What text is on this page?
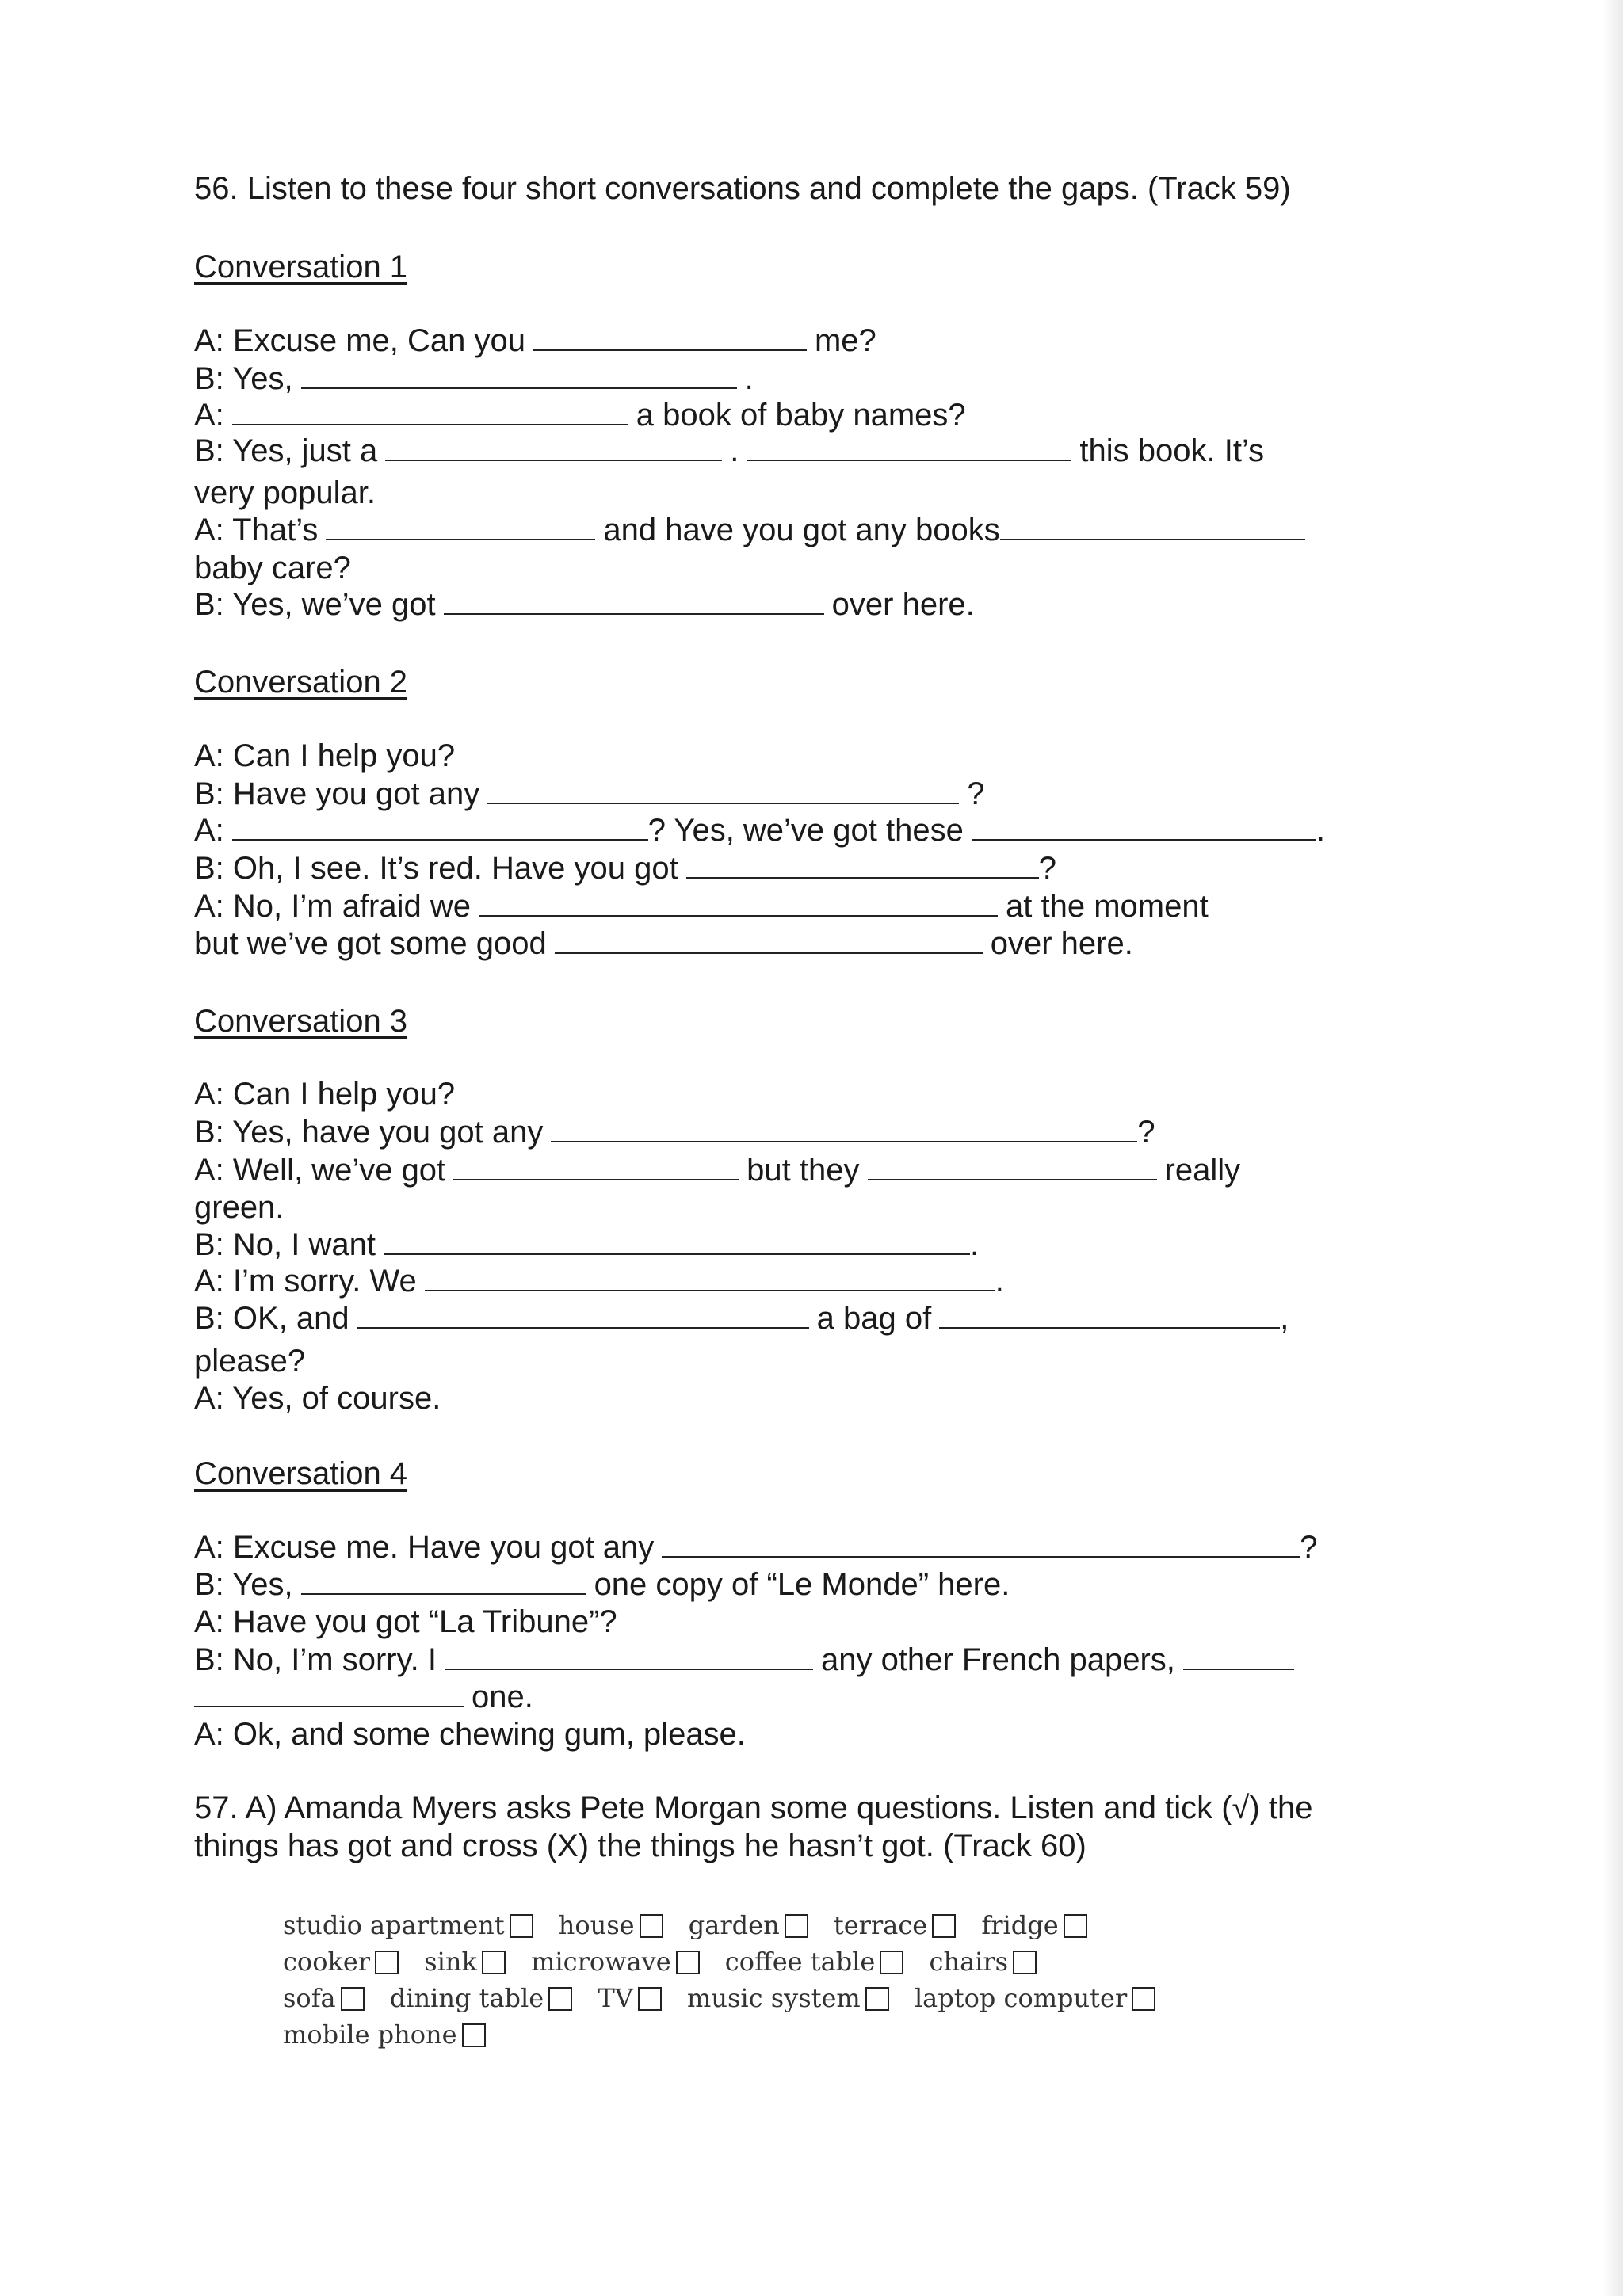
56. Listen to these four short conversations and complete the gaps. (Track 59)
Conversation 1
A: Excuse me, Can you	me?
B: Yes,	.
A:	a book of baby names?
B: Yes, just a	.	this book. It’s
very popular.
A: That’s	and have you got any books
baby care?
B: Yes, we’ve got	over here.
Conversation 2
A: Can I help you?
B: Have you got any	?
A:	? Yes, we’ve got these	.
B: Oh, I see. It’s red. Have you got	?
A: No, I’m afraid we	at the moment
but we’ve got some good	over here.
Conversation 3
A: Can I help you?
B: Yes, have you got any	?
A: Well, we’ve got	but they	really
green.
B: No, I want	.
A: I’m sorry. We	.
B: OK, and	a bag of	,
please?
A: Yes, of course.
Conversation 4
A: Excuse me. Have you got any	?
B: Yes,	one copy of “Le Monde” here.
A: Have you got “La Tribune”?
B: No, I’m sorry. I	any other French papers,
one.
A: Ok, and some chewing gum, please.
57. A) Amanda Myers asks Pete Morgan some questions. Listen and tick (√) the
things has got and cross (X) the things he hasn’t got. (Track 60)
studio apartment house garden terrace fridge
cooker sink microwave coffee table chairs
sofa dining table TV music system laptop computer
mobile phone
